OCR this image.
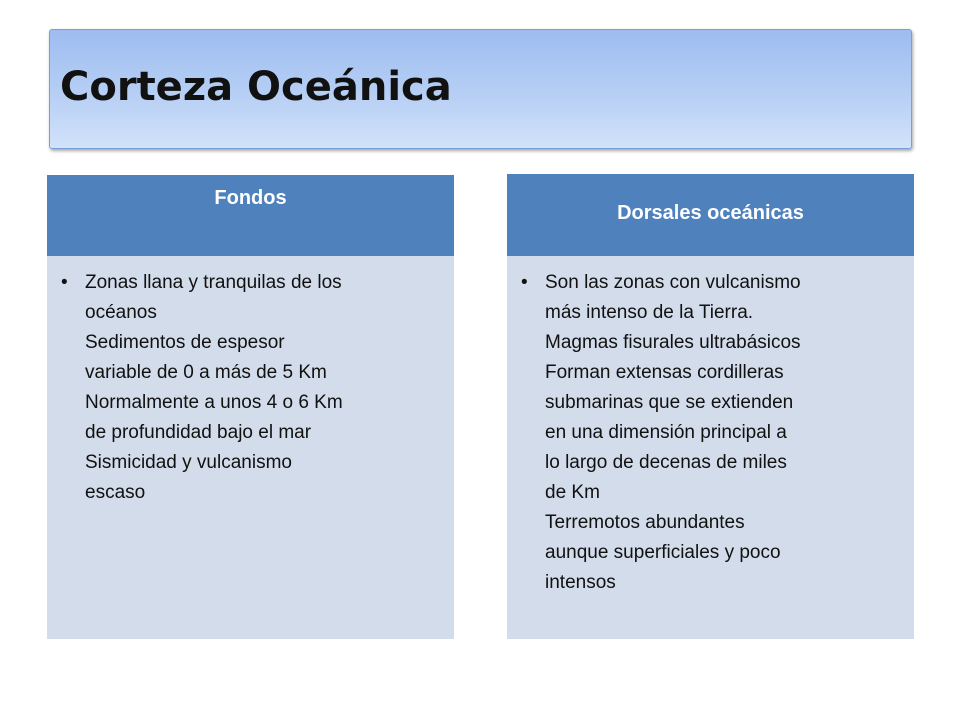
Corteza Oceánica
Fondos
• Zonas llana y tranquilas de los
océanos
Sedimentos de espesor
variable de 0 a más de 5 Km
Normalmente a unos 4 o 6 Km
de profundidad bajo el mar
Sismicidad y vulcanismo
escaso
Dorsales oceánicas
• Son las zonas con vulcanismo
más intenso de la Tierra.
Magmas fisurales ultrabásicos
Forman extensas cordilleras
submarinas que se extienden
en una dimensión principal a
lo largo de decenas de miles
de Km
Terremotos abundantes
aunque superficiales y poco
intensos
